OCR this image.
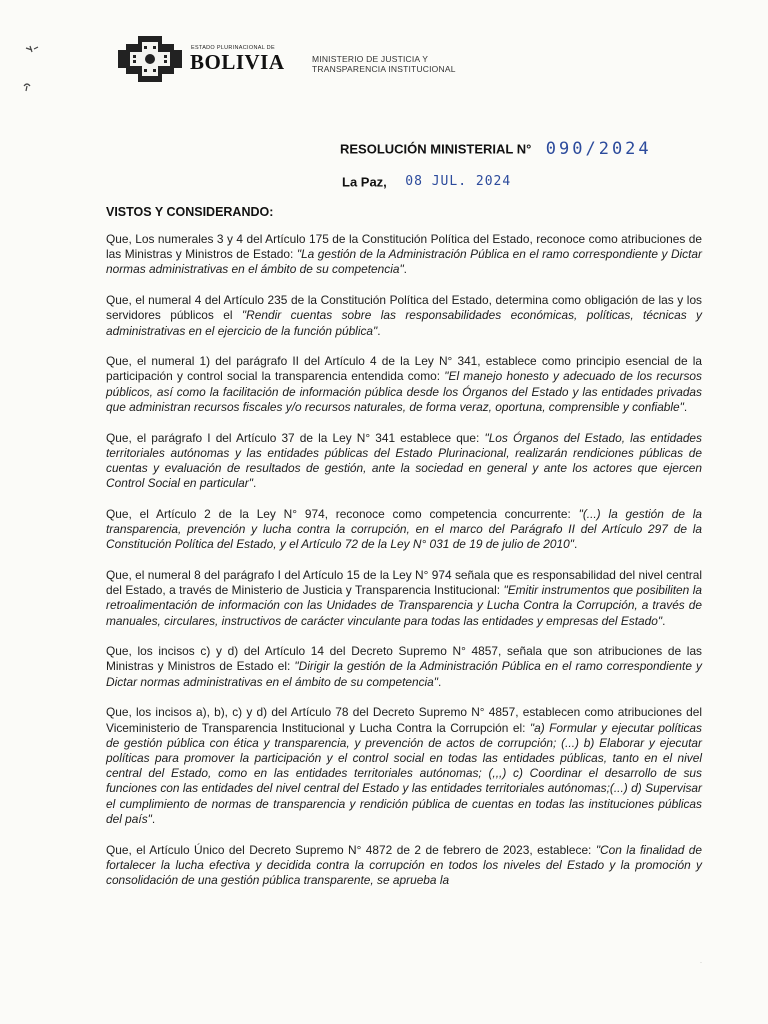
ESTADO PLURINACIONAL DE
BOLIVIA	MINISTERIO DE JUSTICIA Y
TRANSPARENCIA INSTITUCIONAL
RESOLUCIÓN MINISTERIAL N° 090/2024
La Paz, 08 JUL. 2024
VISTOS Y CONSIDERANDO:

Que, Los numerales 3 y 4 del Artículo 175 de la Constitución Política del Estado, reconoce como atribuciones de las Ministras y Ministros de Estado: "La gestión de la Administración Pública en el ramo correspondiente y Dictar normas administrativas en el ámbito de su competencia".

Que, el numeral 4 del Artículo 235 de la Constitución Política del Estado, determina como obligación de las y los servidores públicos el "Rendir cuentas sobre las responsabilidades económicas, políticas, técnicas y administrativas en el ejercicio de la función pública".

Que, el numeral 1) del parágrafo II del Artículo 4 de la Ley N° 341, establece como principio esencial de la participación y control social la transparencia entendida como: "El manejo honesto y adecuado de los recursos públicos, así como la facilitación de información pública desde los Órganos del Estado y las entidades privadas que administran recursos fiscales y/o recursos naturales, de forma veraz, oportuna, comprensible y confiable".

Que, el parágrafo I del Artículo 37 de la Ley N° 341 establece que: "Los Órganos del Estado, las entidades territoriales autónomas y las entidades públicas del Estado Plurinacional, realizarán rendiciones públicas de cuentas y evaluación de resultados de gestión, ante la sociedad en general y ante los actores que ejercen Control Social en particular".

Que, el Artículo 2 de la Ley N° 974, reconoce como competencia concurrente: "(...) la gestión de la transparencia, prevención y lucha contra la corrupción, en el marco del Parágrafo II del Artículo 297 de la Constitución Política del Estado, y el Artículo 72 de la Ley N° 031 de 19 de julio de 2010".

Que, el numeral 8 del parágrafo I del Artículo 15 de la Ley N° 974 señala que es responsabilidad del nivel central del Estado, a través de Ministerio de Justicia y Transparencia Institucional: "Emitir instrumentos que posibiliten la retroalimentación de información con las Unidades de Transparencia y Lucha Contra la Corrupción, a través de manuales, circulares, instructivos de carácter vinculante para todas las entidades y empresas del Estado".

Que, los incisos c) y d) del Artículo 14 del Decreto Supremo N° 4857, señala que son atribuciones de las Ministras y Ministros de Estado el: "Dirigir la gestión de la Administración Pública en el ramo correspondiente y Dictar normas administrativas en el ámbito de su competencia".

Que, los incisos a), b), c) y d) del Artículo 78 del Decreto Supremo N° 4857, establecen como atribuciones del Viceministerio de Transparencia Institucional y Lucha Contra la Corrupción el: "a) Formular y ejecutar políticas de gestión pública con ética y transparencia, y prevención de actos de corrupción; (...) b) Elaborar y ejecutar políticas para promover la participación y el control social en todas las entidades públicas, tanto en el nivel central del Estado, como en las entidades territoriales autónomas; (,,,) c) Coordinar el desarrollo de sus funciones con las entidades del nivel central del Estado y las entidades territoriales autónomas;(...) d) Supervisar el cumplimiento de normas de transparencia y rendición pública de cuentas en todas las instituciones públicas del país".

Que, el Artículo Único del Decreto Supremo N° 4872 de 2 de febrero de 2023, establece: "Con la finalidad de fortalecer la lucha efectiva y decidida contra la corrupción en todos los niveles del Estado y la promoción y consolidación de una gestión pública transparente, se aprueba la

·
